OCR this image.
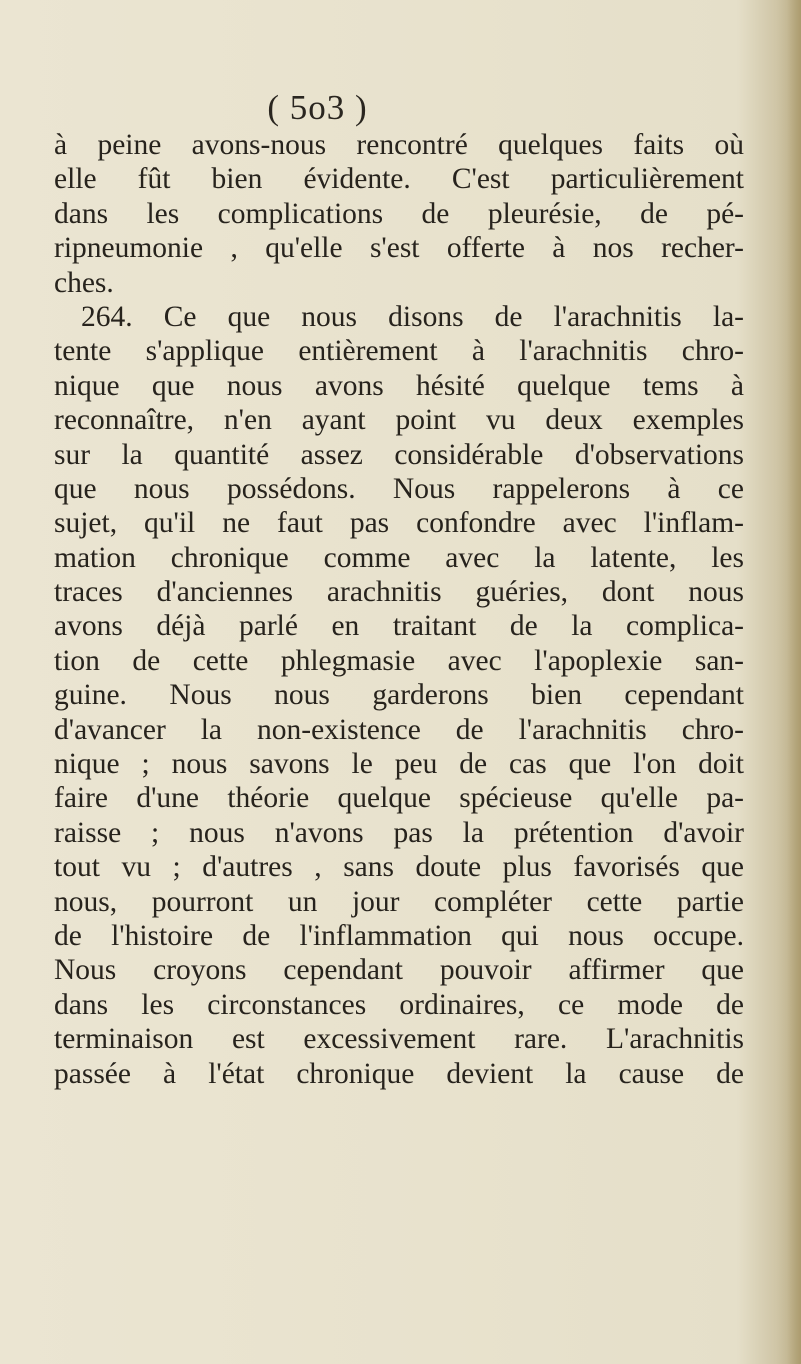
( 5o3 )
à peine avons-nous rencontré quelques faits où
elle fût bien évidente. C'est particulièrement
dans les complications de pleurésie, de pé-
ripneumonie , qu'elle s'est offerte à nos recher-
ches.
264. Ce que nous disons de l'arachnitis la-
tente s'applique entièrement à l'arachnitis chro-
nique que nous avons hésité quelque tems à
reconnaître, n'en ayant point vu deux exemples
sur la quantité assez considérable d'observations
que nous possédons. Nous rappelerons à ce
sujet, qu'il ne faut pas confondre avec l'inflam-
mation chronique comme avec la latente, les
traces d'anciennes arachnitis guéries, dont nous
avons déjà parlé en traitant de la complica-
tion de cette phlegmasie avec l'apoplexie san-
guine. Nous nous garderons bien cependant
d'avancer la non-existence de l'arachnitis chro-
nique ; nous savons le peu de cas que l'on doit
faire d'une théorie quelque spécieuse qu'elle pa-
raisse ; nous n'avons pas la prétention d'avoir
tout vu ; d'autres , sans doute plus favorisés que
nous, pourront un jour compléter cette partie
de l'histoire de l'inflammation qui nous occupe.
Nous croyons cependant pouvoir affirmer que
dans les circonstances ordinaires, ce mode de
terminaison est excessivement rare. L'arachnitis
passée à l'état chronique devient la cause de
